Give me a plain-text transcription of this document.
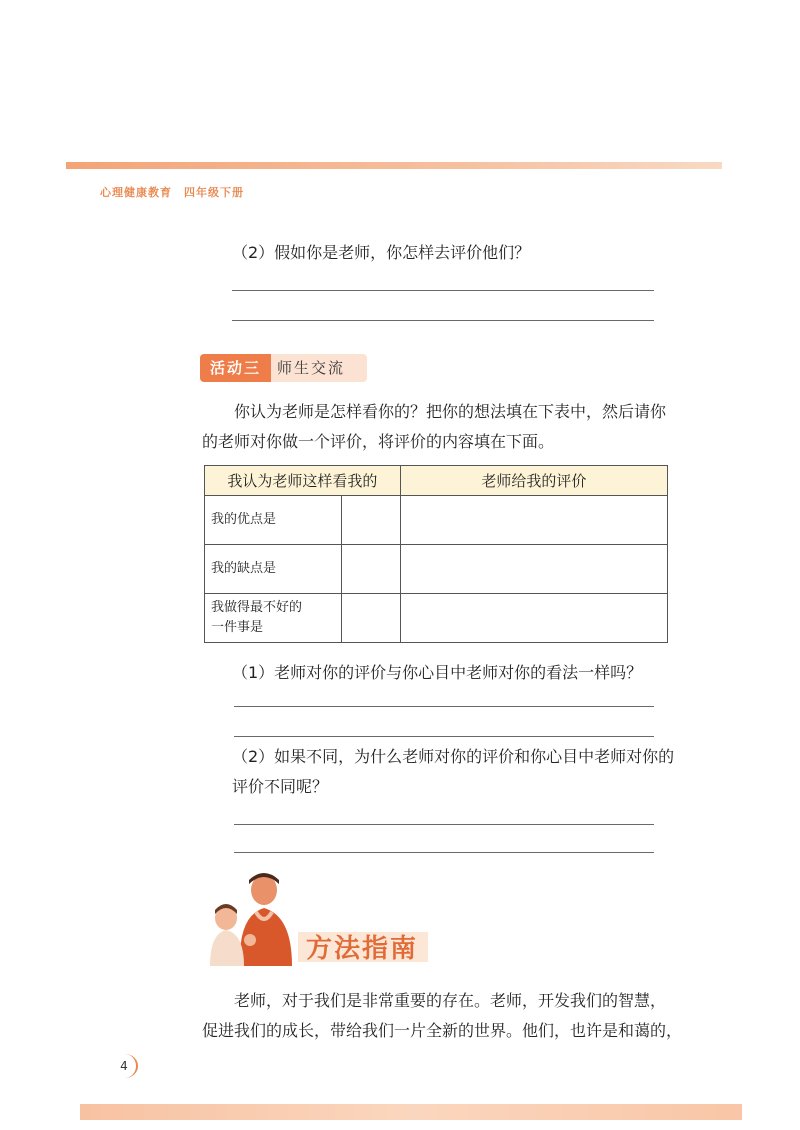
心理健康教育　四年级下册
（2）假如你是老师，你怎样去评价他们？
活动三	师生交流
你认为老师是怎样看你的？把你的想法填在下表中，然后请你
的老师对你做一个评价，将评价的内容填在下面。
我认为老师这样看我的		老师给我的评价
我的优点是		
我的缺点是		
我做得最不好的
一件事是		
（1）老师对你的评价与你心目中老师对你的看法一样吗？
（2）如果不同，为什么老师对你的评价和你心目中老师对你的
评价不同呢？
方法指南
老师，对于我们是非常重要的存在。老师，开发我们的智慧，
促进我们的成长，带给我们一片全新的世界。他们，也许是和蔼的，
4
